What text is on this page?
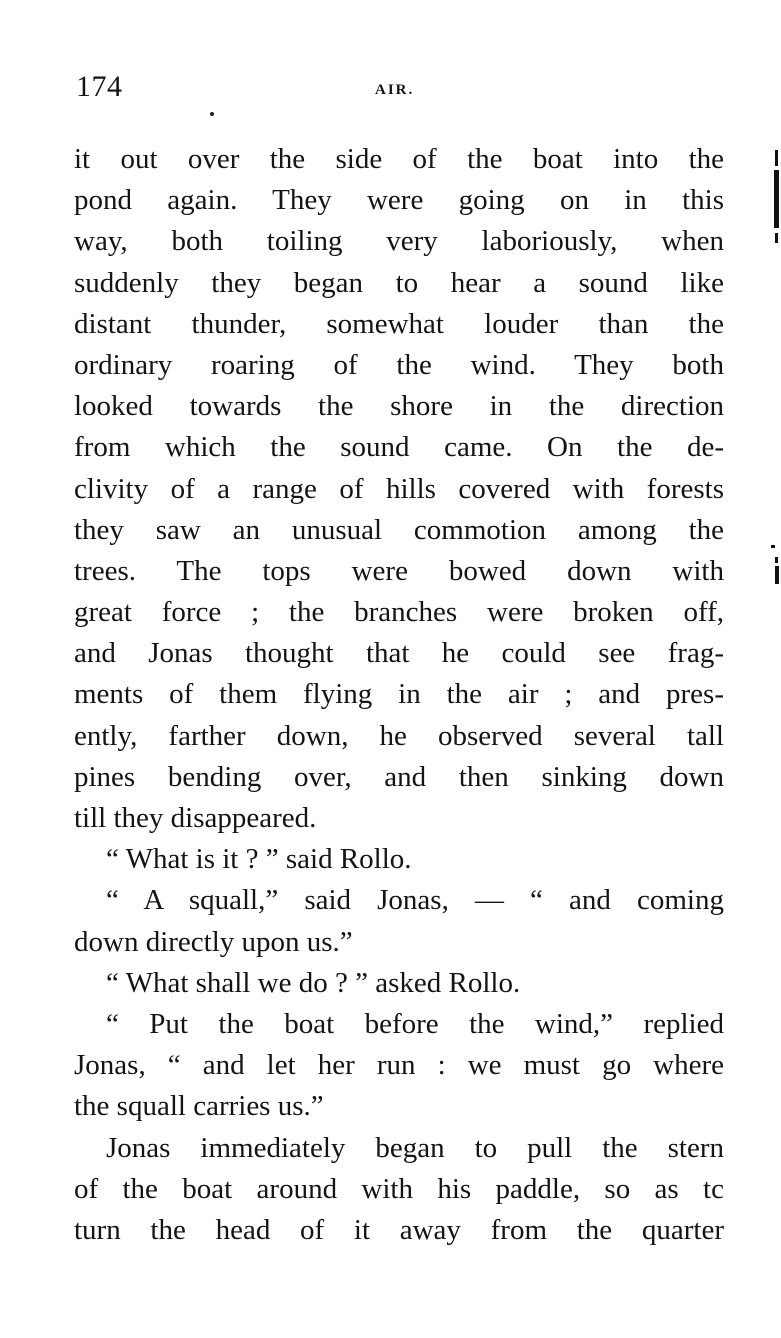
174	AIR.
it out over the side of the boat into the
pond again. They were going on in this
way, both toiling very laboriously, when
suddenly they began to hear a sound like
distant thunder, somewhat louder than the
ordinary roaring of the wind. They both
looked towards the shore in the direction
from which the sound came. On the de-
clivity of a range of hills covered with forests
they saw an unusual commotion among the
trees. The tops were bowed down with
great force ; the branches were broken off,
and Jonas thought that he could see frag-
ments of them flying in the air ; and pres-
ently, farther down, he observed several tall
pines bending over, and then sinking down
till they disappeared.
“ What is it ? ” said Rollo.
“ A squall,” said Jonas, — “ and coming
down directly upon us.”
“ What shall we do ? ” asked Rollo.
“ Put the boat before the wind,” replied
Jonas, “ and let her run : we must go where
the squall carries us.”
Jonas immediately began to pull the stern
of the boat around with his paddle, so as tc
turn the head of it away from the quarter
